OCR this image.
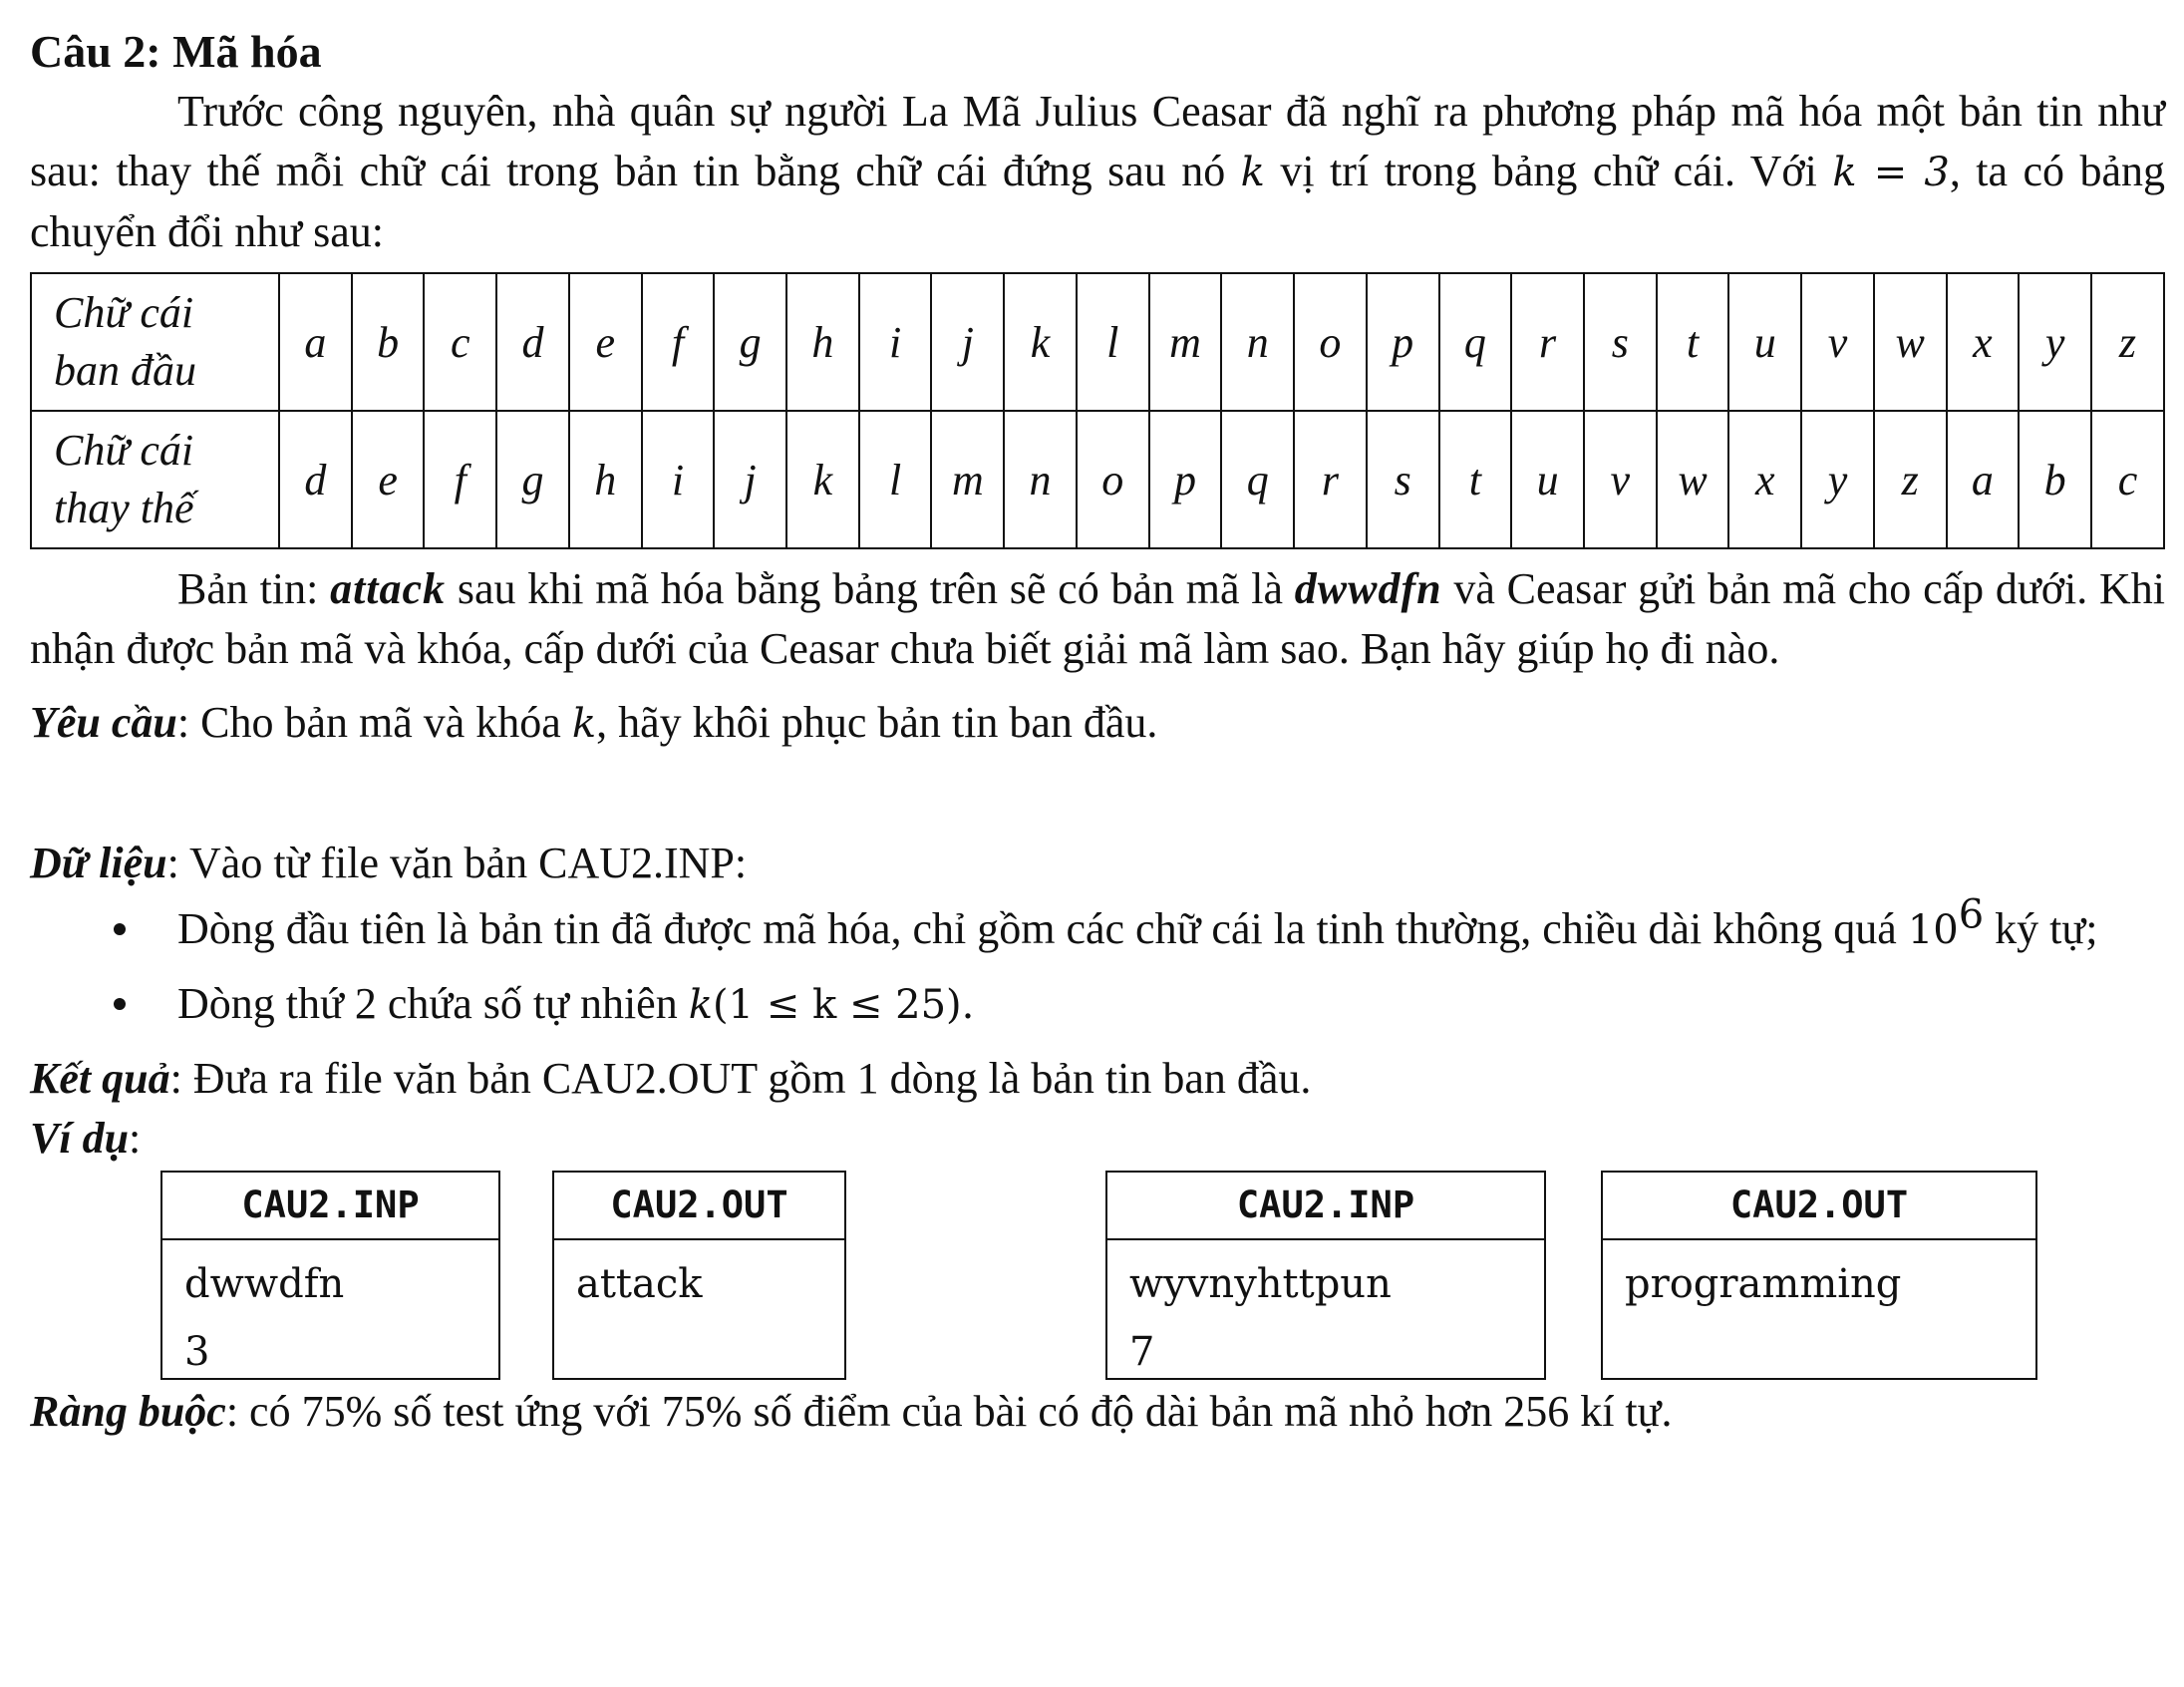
Câu 2: Mã hóa

Trước công nguyên, nhà quân sự người La Mã Julius Ceasar đã nghĩ ra phương pháp mã hóa một bản tin như sau: thay thế mỗi chữ cái trong bản tin bằng chữ cái đứng sau nó k vị trí trong bảng chữ cái. Với k = 3, ta có bảng chuyển đổi như sau:

Chữ cái
ban đầu	a	b	c	d	e	f	g	h	i	j	k	l	m	n	o	p	q	r	s	t	u	v	w	x	y	z
Chữ cái
thay thế	d	e	f	g	h	i	j	k	l	m	n	o	p	q	r	s	t	u	v	w	x	y	z	a	b	c

Bản tin: attack sau khi mã hóa bằng bảng trên sẽ có bản mã là dwwdfn và Ceasar gửi bản mã cho cấp dưới. Khi nhận được bản mã và khóa, cấp dưới của Ceasar chưa biết giải mã làm sao. Bạn hãy giúp họ đi nào.

Yêu cầu: Cho bản mã và khóa k, hãy khôi phục bản tin ban đầu.

Dữ liệu: Vào từ file văn bản CAU2.INP:

Dòng đầu tiên là bản tin đã được mã hóa, chỉ gồm các chữ cái la tinh thường, chiều dài không quá 106 ký tự;
Dòng thứ 2 chứa số tự nhiên k(1 ≤ k ≤ 25).

Kết quả: Đưa ra file văn bản CAU2.OUT gồm 1 dòng là bản tin ban đầu.

Ví dụ:

CAU2.INP
dwwdfn
3
CAU2.OUT
attack
CAU2.INP
wyvnyhttpun
7
CAU2.OUT
programming

Ràng buộc: có 75% số test ứng với 75% số điểm của bài có độ dài bản mã nhỏ hơn 256 kí tự.
